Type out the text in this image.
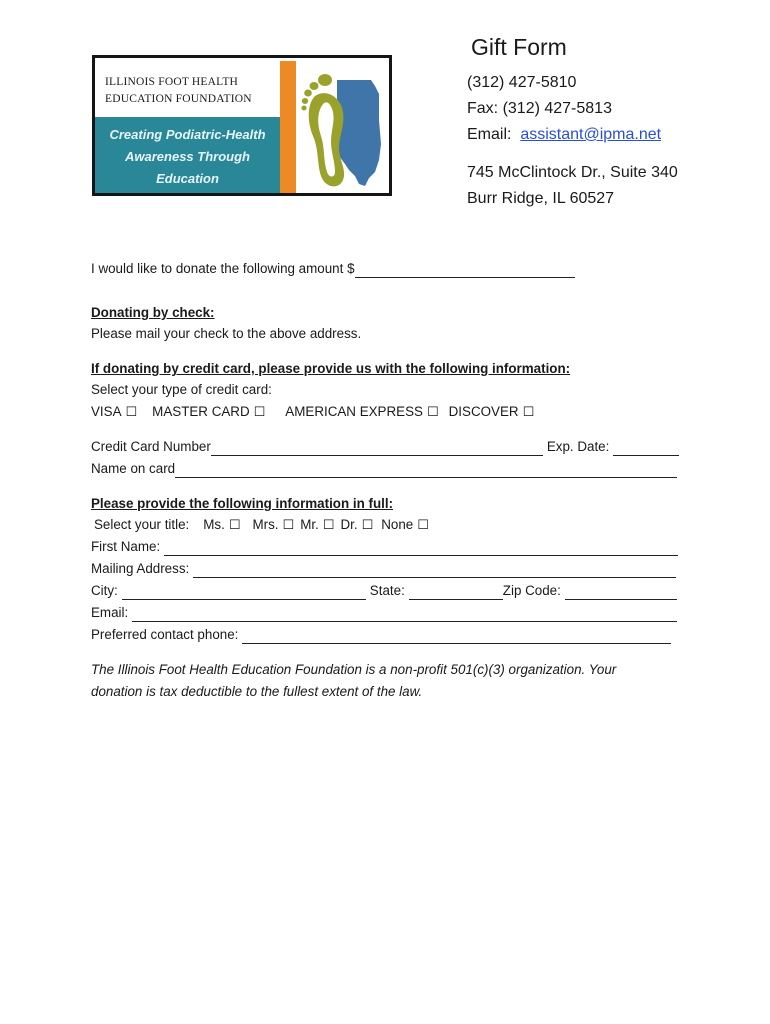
ILLINOIS FOOT HEALTH
EDUCATION FOUNDATION
Creating Podiatric-Health
Awareness Through
Education
Gift Form
(312) 427-5810
Fax: (312) 427-5813
Email: assistant@ipma.net
745 McClintock Dr., Suite 340
Burr Ridge, IL 60527
I would like to donate the following amount $
Donating by check:
Please mail your check to the above address.
If donating by credit card, please provide us with the following information:
Select your type of credit card:
VISA ☐ MASTER CARD ☐ AMERICAN EXPRESS ☐ DISCOVER ☐
Credit Card Number	Exp. Date:
Name on card
Please provide the following information in full:
Select your title: Ms. ☐ Mrs. ☐ Mr. ☐ Dr. ☐ None ☐
First Name:
Mailing Address:
City:	State:	Zip Code:
Email:
Preferred contact phone:
The Illinois Foot Health Education Foundation is a non-profit 501(c)(3) organization. Your
donation is tax deductible to the fullest extent of the law.
